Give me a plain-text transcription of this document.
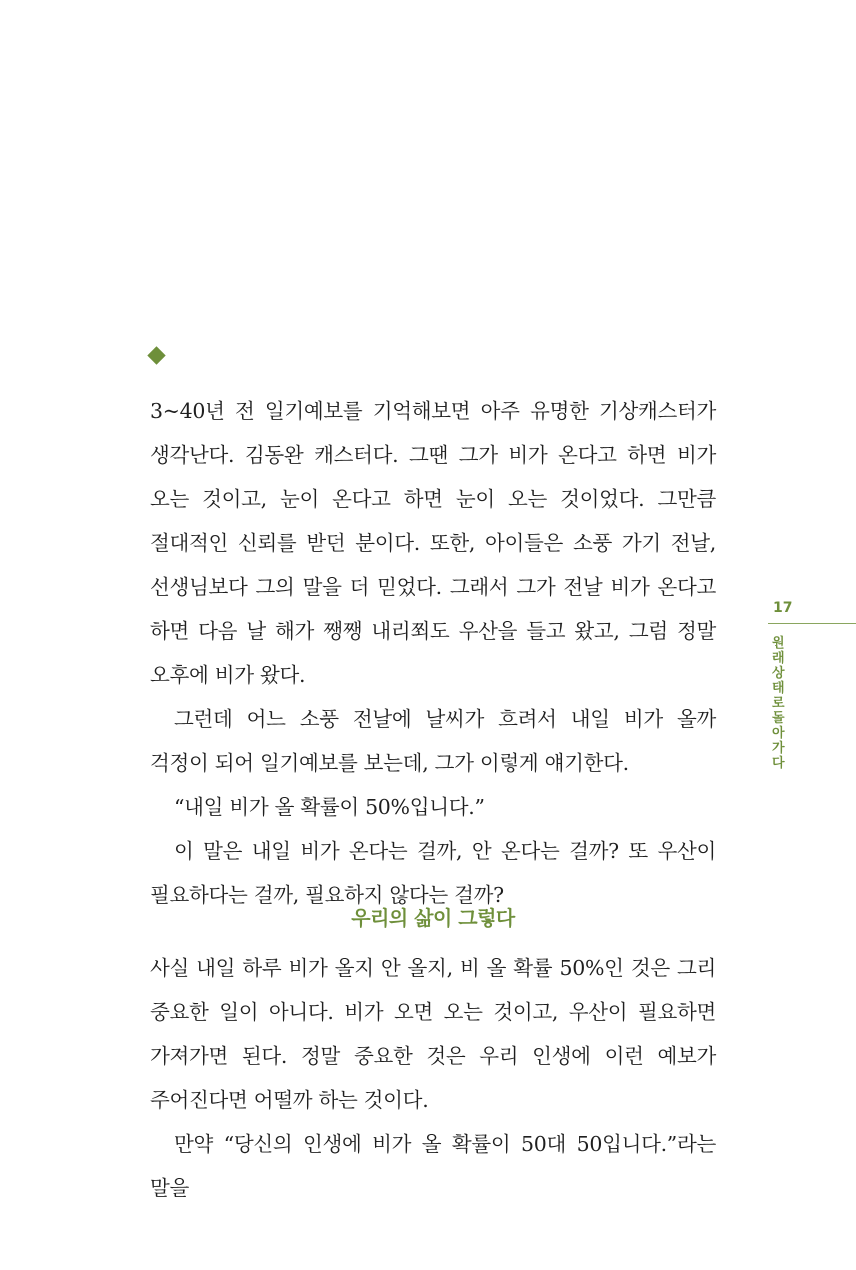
3~40년 전 일기예보를 기억해보면 아주 유명한 기상캐스터가 생각난다. 김동완 캐스터다. 그땐 그가 비가 온다고 하면 비가 오는 것이고, 눈이 온다고 하면 눈이 오는 것이었다. 그만큼 절대적인 신뢰를 받던 분이다. 또한, 아이들은 소풍 가기 전날, 선생님보다 그의 말을 더 믿었다. 그래서 그가 전날 비가 온다고 하면 다음 날 해가 쨍쨍 내리쬐도 우산을 들고 왔고, 그럼 정말 오후에 비가 왔다.

그런데 어느 소풍 전날에 날씨가 흐려서 내일 비가 올까 걱정이 되어 일기예보를 보는데, 그가 이렇게 얘기한다.

“내일 비가 올 확률이 50%입니다.”

이 말은 내일 비가 온다는 걸까, 안 온다는 걸까? 또 우산이 필요하다는 걸까, 필요하지 않다는 걸까?

우리의 삶이 그렇다

사실 내일 하루 비가 올지 안 올지, 비 올 확률 50%인 것은 그리 중요한 일이 아니다. 비가 오면 오는 것이고, 우산이 필요하면 가져가면 된다. 정말 중요한 것은 우리 인생에 이런 예보가 주어진다면 어떨까 하는 것이다.

만약 “당신의 인생에 비가 올 확률이 50대 50입니다.”라는 말을

17
원래상태로돌아가다
